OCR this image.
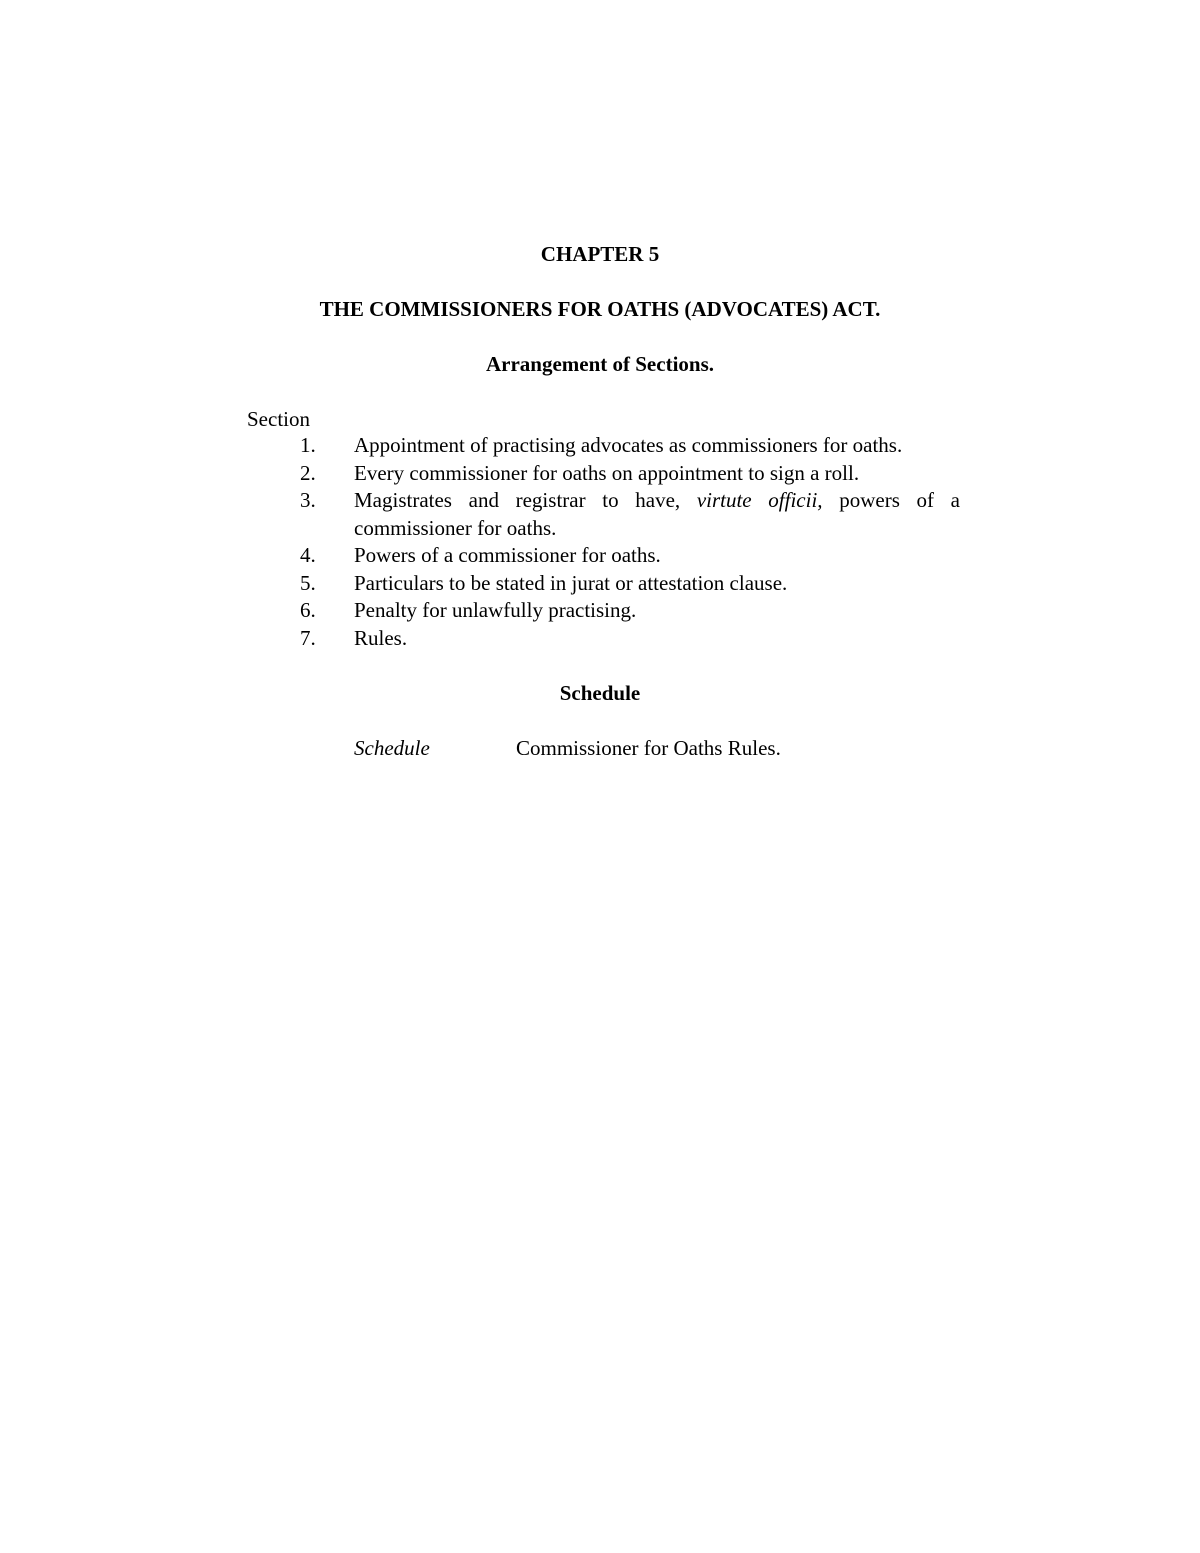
CHAPTER 5
THE COMMISSIONERS FOR OATHS (ADVOCATES) ACT.
Arrangement of Sections.
Section
1.	Appointment of practising advocates as commissioners for oaths.
2.	Every commissioner for oaths on appointment to sign a roll.
3.	Magistrates and registrar to have, virtute officii, powers of a commissioner for oaths.
4.	Powers of a commissioner for oaths.
5.	Particulars to be stated in jurat or attestation clause.
6.	Penalty for unlawfully practising.
7.	Rules.
Schedule
Schedule	Commissioner for Oaths Rules.
